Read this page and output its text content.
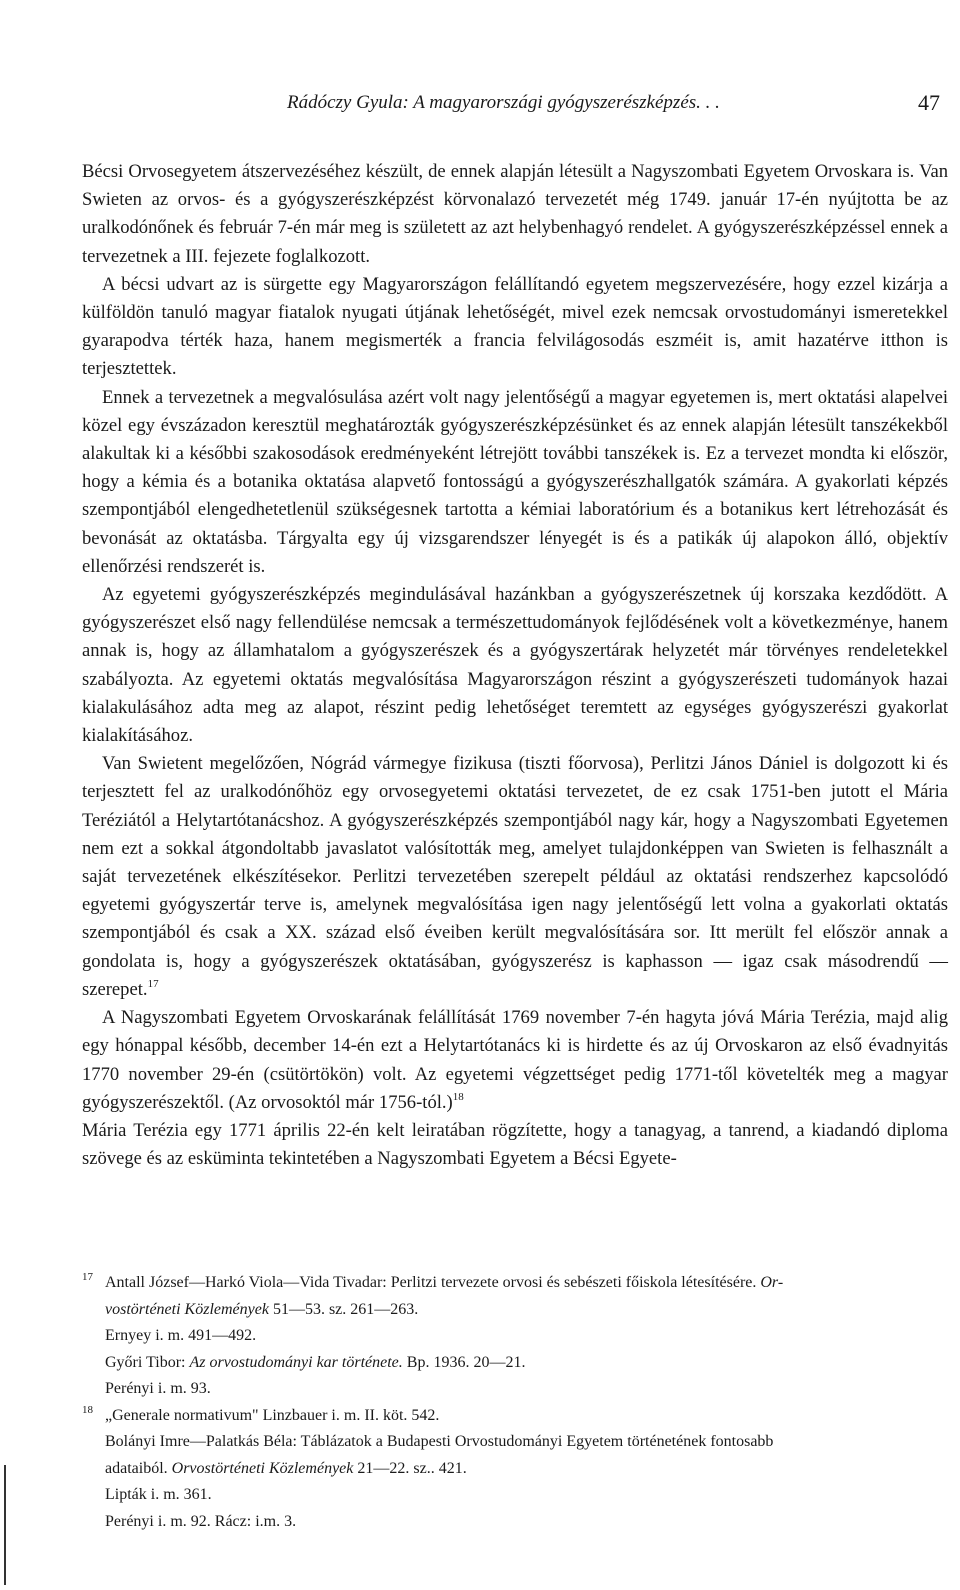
Rádóczy Gyula: A magyarországi gyógyszerészképzés. . .	47

Bécsi Orvosegyetem átszervezéséhez készült, de ennek alapján létesült a Nagyszombati Egyetem Orvoskara is. Van Swieten az orvos- és a gyógyszerészképzést körvonalazó tervezetét még 1749. január 17-én nyújtotta be az uralkodónőnek és február 7-én már meg is született az azt helybenhagyó rendelet. A gyógyszerészképzéssel ennek a tervezetnek a III. fejezete foglalkozott.

A bécsi udvart az is sürgette egy Magyarországon felállítandó egyetem megszervezésére, hogy ezzel kizárja a külföldön tanuló magyar fiatalok nyugati útjának lehetőségét, mivel ezek nemcsak orvostudományi ismeretekkel gyarapodva térték haza, hanem megismerték a francia felvilágosodás eszméit is, amit hazatérve itthon is terjesztettek.

Ennek a tervezetnek a megvalósulása azért volt nagy jelentőségű a magyar egyetemen is, mert oktatási alapelvei közel egy évszázadon keresztül meghatározták gyógyszerészképzésünket és az ennek alapján létesült tanszékekből alakultak ki a későbbi szakosodások eredményeként létrejött további tanszékek is. Ez a tervezet mondta ki először, hogy a kémia és a botanika oktatása alapvető fontosságú a gyógyszerészhallgatók számára. A gyakorlati képzés szempontjából elengedhetetlenül szükségesnek tartotta a kémiai laboratórium és a botanikus kert létrehozását és bevonását az oktatásba. Tárgyalta egy új vizsgarendszer lényegét is és a patikák új alapokon álló, objektív ellenőrzési rendszerét is.

Az egyetemi gyógyszerészképzés megindulásával hazánkban a gyógyszerészetnek új korszaka kezdődött. A gyógyszerészet első nagy fellendülése nemcsak a természettudományok fejlődésének volt a következménye, hanem annak is, hogy az államhatalom a gyógyszerészek és a gyógyszertárak helyzetét már törvényes rendeletekkel szabályozta. Az egyetemi oktatás megvalósítása Magyarországon részint a gyógyszerészeti tudományok hazai kialakulásához adta meg az alapot, részint pedig lehetőséget teremtett az egységes gyógyszerészi gyakorlat kialakításához.

Van Swietent megelőzően, Nógrád vármegye fizikusa (tiszti főorvosa), Perlitzi János Dániel is dolgozott ki és terjesztett fel az uralkodónőhöz egy orvosegyetemi oktatási tervezetet, de ez csak 1751-ben jutott el Mária Teréziától a Helytartótanácshoz. A gyógyszerészképzés szempontjából nagy kár, hogy a Nagyszombati Egyetemen nem ezt a sokkal átgondoltabb javaslatot valósították meg, amelyet tulajdonképpen van Swieten is felhasznált a saját tervezetének elkészítésekor. Perlitzi tervezetében szerepelt például az oktatási rendszerhez kapcsolódó egyetemi gyógyszertár terve is, amelynek megvalósítása igen nagy jelentőségű lett volna a gyakorlati oktatás szempontjából és csak a XX. század első éveiben került megvalósítására sor. Itt merült fel először annak a gondolata is, hogy a gyógyszerészek oktatásában, gyógyszerész is kaphasson — igaz csak másodrendű — szerepet.$^{17}$

A Nagyszombati Egyetem Orvoskarának felállítását 1769 november 7-én hagyta jóvá Mária Terézia, majd alig egy hónappal később, december 14-én ezt a Helytartótanács ki is hirdette és az új Orvoskaron az első évadnyitás 1770 november 29-én (csütörtökön) volt. Az egyetemi végzettséget pedig 1771-től követelték meg a magyar gyógyszerészektől. (Az orvosoktól már 1756-tól.)$^{18}$

Mária Terézia egy 1771 április 22-én kelt leiratában rögzítette, hogy a tanagyag, a tanrend, a kiadandó diploma szövege és az esküminta tekintetében a Nagyszombati Egyetem a Bécsi Egyete-

17 Antall József—Harkó Viola—Vida Tivadar: Perlitzi tervezete orvosi és sebészeti főiskola létesítésére. Or-
vostörténeti Közlemények 51—53. sz. 261—263.
Ernyey i. m. 491—492.
Győri Tibor: Az orvostudományi kar története. Bp. 1936. 20—21.
Perényi i. m. 93.
18 „Generale normativum" Linzbauer i. m. II. köt. 542.
Bolányi Imre—Palatkás Béla: Táblázatok a Budapesti Orvostudományi Egyetem történetének fontosabb
adataiból. Orvostörténeti Közlemények 21—22. sz.. 421.
Lipták i. m. 361.
Perényi i. m. 92. Rácz: i.m. 3.
